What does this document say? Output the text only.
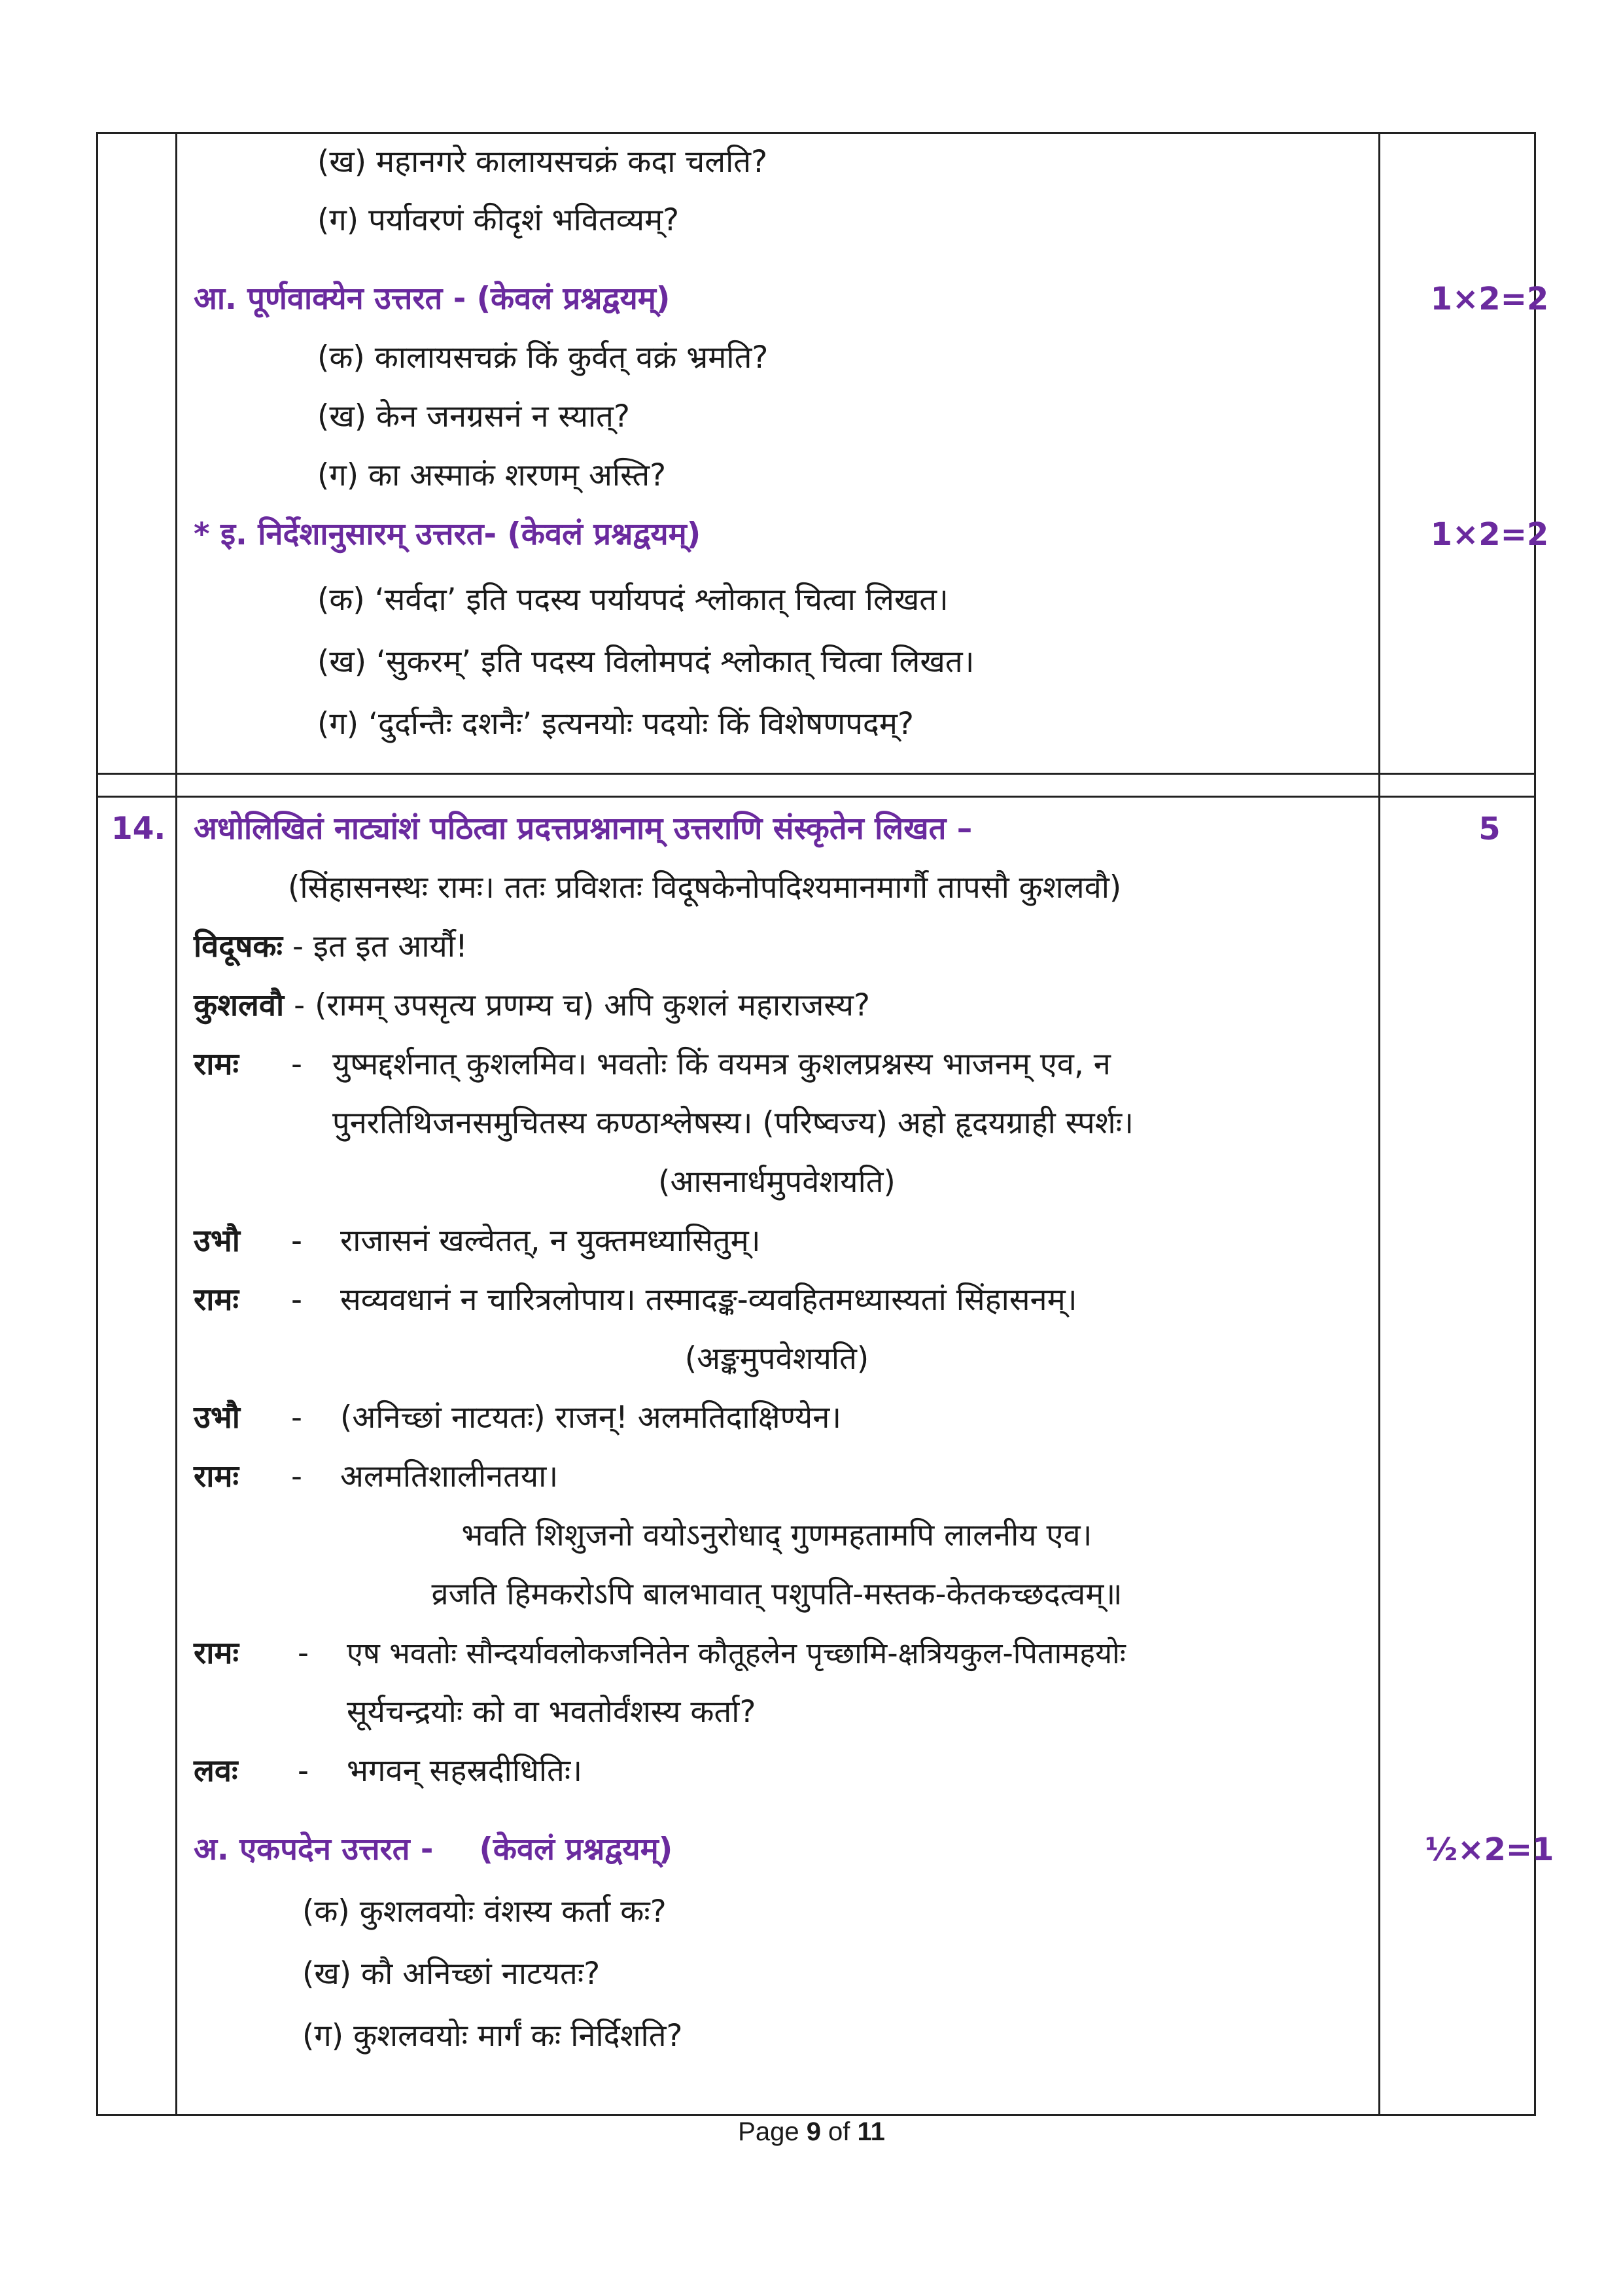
(ख) महानगरे कालायसचक्रं कदा चलति?
(ग) पर्यावरणं कीदृशं भवितव्यम्?
आ. पूर्णवाक्येन उत्तरत - (केवलं प्रश्नद्वयम्)	1×2=2
(क) कालायसचक्रं किं कुर्वत् वक्रं भ्रमति?
(ख) केन जनग्रसनं न स्यात्?
(ग) का अस्माकं शरणम् अस्ति?
* इ. निर्देशानुसारम् उत्तरत- (केवलं प्रश्नद्वयम्)	1×2=2
(क) ‘सर्वदा’ इति पदस्य पर्यायपदं श्लोकात् चित्वा लिखत।
(ख) ‘सुकरम्’ इति पदस्य विलोमपदं श्लोकात् चित्वा लिखत।
(ग) ‘दुर्दान्तैः दशनैः’ इत्यनयोः पदयोः किं विशेषणपदम्?
14. अधोलिखितं नाट्यांशं पठित्वा प्रदत्तप्रश्नानाम् उत्तराणि संस्कृतेन लिखत –	5
(सिंहासनस्थः रामः। ततः प्रविशतः विदूषकेनोपदिश्यमानमार्गौ तापसौ कुशलवौ)
विदूषकः - इत इत आर्यौ!
कुशलवौ - (रामम् उपसृत्य प्रणम्य च) अपि कुशलं महाराजस्य?
रामः - युष्मद्दर्शनात् कुशलमिव। भवतोः किं वयमत्र कुशलप्रश्नस्य भाजनम् एव, न
पुनरतिथिजनसमुचितस्य कण्ठाश्लेषस्य। (परिष्वज्य) अहो हृदयग्राही स्पर्शः।
(आसनार्धमुपवेशयति)
उभौ - राजासनं खल्वेतत्, न युक्तमध्यासितुम्।
रामः - सव्यवधानं न चारित्रलोपाय। तस्मादङ्क-व्यवहितमध्यास्यतां सिंहासनम्।
(अङ्कमुपवेशयति)
उभौ - (अनिच्छां नाटयतः) राजन्! अलमतिदाक्षिण्येन।
रामः - अलमतिशालीनतया।
भवति शिशुजनो वयोऽनुरोधाद् गुणमहतामपि लालनीय एव।
व्रजति हिमकरोऽपि बालभावात् पशुपति-मस्तक-केतकच्छदत्वम्॥
रामः - एष भवतोः सौन्दर्यावलोकजनितेन कौतूहलेन पृच्छामि-क्षत्रियकुल-पितामहयोः
सूर्यचन्द्रयोः को वा भवतोर्वंशस्य कर्ता?
लवः - भगवन् सहस्रदीधितिः।
अ. एकपदेन उत्तरत - (केवलं प्रश्नद्वयम्)	½×2=1
(क) कुशलवयोः वंशस्य कर्ता कः?
(ख) कौ अनिच्छां नाटयतः?
(ग) कुशलवयोः मार्गं कः निर्दिशति?
Page 9 of 11
